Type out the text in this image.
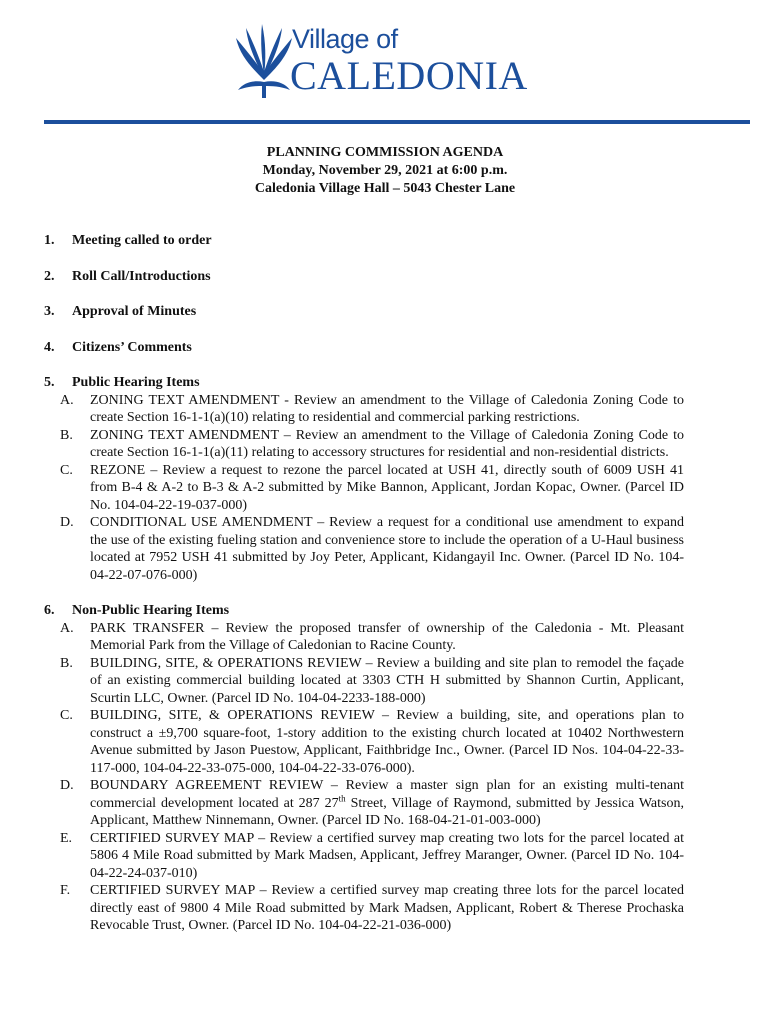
Village of
CALEDONIA
PLANNING COMMISSION AGENDA
Monday, November 29, 2021 at 6:00 p.m.
Caledonia Village Hall – 5043 Chester Lane
1. Meeting called to order
2. Roll Call/Introductions
3. Approval of Minutes
4. Citizens’ Comments
5. Public Hearing Items
A. ZONING TEXT AMENDMENT - Review an amendment to the Village of Caledonia Zoning Code to create Section 16-1-1(a)(10) relating to residential and commercial parking restrictions.
B. ZONING TEXT AMENDMENT – Review an amendment to the Village of Caledonia Zoning Code to create Section 16-1-1(a)(11) relating to accessory structures for residential and non-residential districts.
C. REZONE – Review a request to rezone the parcel located at USH 41, directly south of 6009 USH 41 from B-4 & A-2 to B-3 & A-2 submitted by Mike Bannon, Applicant, Jordan Kopac, Owner. (Parcel ID No. 104-04-22-19-037-000)
D. CONDITIONAL USE AMENDMENT – Review a request for a conditional use amendment to expand the use of the existing fueling station and convenience store to include the operation of a U-Haul business located at 7952 USH 41 submitted by Joy Peter, Applicant, Kidangayil Inc. Owner. (Parcel ID No. 104-04-22-07-076-000)
6. Non-Public Hearing Items
A. PARK TRANSFER – Review the proposed transfer of ownership of the Caledonia - Mt. Pleasant Memorial Park from the Village of Caledonian to Racine County.
B. BUILDING, SITE, & OPERATIONS REVIEW – Review a building and site plan to remodel the façade of an existing commercial building located at 3303 CTH H submitted by Shannon Curtin, Applicant, Scurtin LLC, Owner. (Parcel ID No. 104-04-2233-188-000)
C. BUILDING, SITE, & OPERATIONS REVIEW – Review a building, site, and operations plan to construct a ±9,700 square-foot, 1-story addition to the existing church located at 10402 Northwestern Avenue submitted by Jason Puestow, Applicant, Faithbridge Inc., Owner. (Parcel ID Nos. 104-04-22-33-117-000, 104-04-22-33-075-000, 104-04-22-33-076-000).
D. BOUNDARY AGREEMENT REVIEW – Review a master sign plan for an existing multi-tenant commercial development located at 287 27th Street, Village of Raymond, submitted by Jessica Watson, Applicant, Matthew Ninnemann, Owner. (Parcel ID No. 168-04-21-01-003-000)
E. CERTIFIED SURVEY MAP – Review a certified survey map creating two lots for the parcel located at 5806 4 Mile Road submitted by Mark Madsen, Applicant, Jeffrey Maranger, Owner. (Parcel ID No. 104-04-22-24-037-010)
F. CERTIFIED SURVEY MAP – Review a certified survey map creating three lots for the parcel located directly east of 9800 4 Mile Road submitted by Mark Madsen, Applicant, Robert & Therese Prochaska Revocable Trust, Owner. (Parcel ID No. 104-04-22-21-036-000)
